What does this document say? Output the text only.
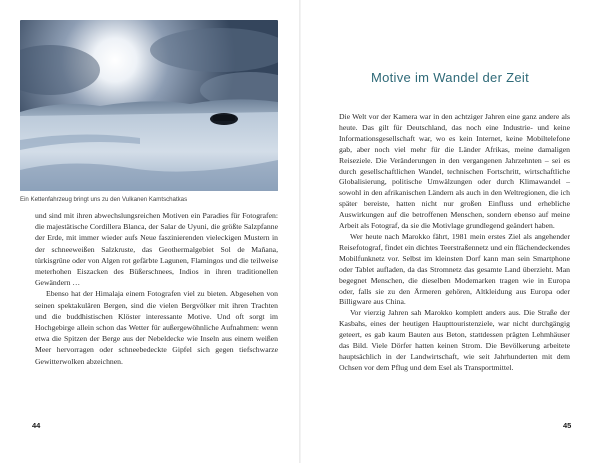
Ein Kettenfahrzeug bringt uns zu den Vulkanen Kamtschatkas

und sind mit ihren abwechslungsreichen Motiven ein Paradies für Fotografen: die majestätische Cordillera Blanca, der Salar de Uyuni, die größte Salzpfanne der Erde, mit immer wieder aufs Neue faszinierenden vieleckigen Mustern in der schneeweißen Salzkruste, das Geothermalgebiet Sol de Mañana, türkisgrüne oder von Algen rot gefärbte Lagunen, Flamingos und die teilweise meterhohen Eiszacken des Büßerschnees, Indios in ihren traditionellen Gewändern …

Ebenso hat der Himalaja einem Fotografen viel zu bieten. Abgesehen von seinen spektakulären Bergen, sind die vielen Bergvölker mit ihren Trachten und die buddhistischen Klöster interessante Motive. Und oft sorgt im Hochgebirge allein schon das Wetter für außergewöhnliche Aufnahmen: wenn etwa die Spitzen der Berge aus der Nebeldecke wie Inseln aus einem weißen Meer hervorragen oder schneebedeckte Gipfel sich gegen tiefschwarze Gewitterwolken abzeichnen.

44
Motive im Wandel der Zeit

Die Welt vor der Kamera war in den achtziger Jahren eine ganz andere als heute. Das gilt für Deutschland, das noch eine Industrie- und keine Informationsgesellschaft war, wo es kein Internet, keine Mobiltelefone gab, aber noch viel mehr für die Länder Afrikas, meine damaligen Reiseziele. Die Veränderungen in den vergangenen Jahrzehnten – sei es durch gesellschaftlichen Wandel, technischen Fortschritt, wirtschaftliche Globalisierung, politische Umwälzungen oder durch Klimawandel – sowohl in den afrikanischen Ländern als auch in den Weltregionen, die ich später bereiste, hatten nicht nur großen Einfluss und erhebliche Auswirkungen auf die betroffenen Menschen, sondern ebenso auf meine Arbeit als Fotograf, da sie die Motivlage grundlegend geändert haben.

Wer heute nach Marokko fährt, 1981 mein erstes Ziel als angehender Reisefotograf, findet ein dichtes Teerstraßennetz und ein flächendeckendes Mobilfunknetz vor. Selbst im kleinsten Dorf kann man sein Smartphone oder Tablet aufladen, da das Stromnetz das gesamte Land überzieht. Man begegnet Menschen, die dieselben Modemarken tragen wie in Europa oder, falls sie zu den Ärmeren gehören, Altkleidung aus Europa oder Billigware aus China.

Vor vierzig Jahren sah Marokko komplett anders aus. Die Straße der Kasbahs, eines der heutigen Haupttouristenziele, war nicht durchgängig geteert, es gab kaum Bauten aus Beton, stattdessen prägten Lehmhäuser das Bild. Viele Dörfer hatten keinen Strom. Die Bevölkerung arbeitete hauptsächlich in der Landwirtschaft, wie seit Jahrhunderten mit dem Ochsen vor dem Pflug und dem Esel als Transportmittel.

45
